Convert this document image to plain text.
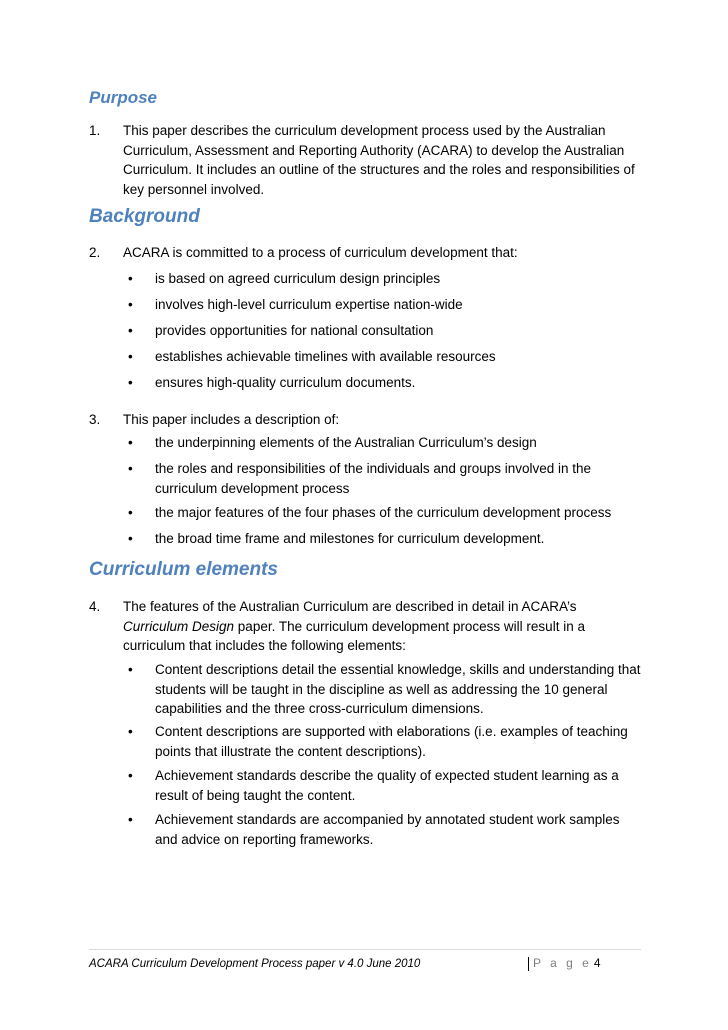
Purpose
1.	This paper describes the curriculum development process used by the Australian Curriculum, Assessment and Reporting Authority (ACARA) to develop the Australian Curriculum. It includes an outline of the structures and the roles and responsibilities of key personnel involved.
Background
2.	ACARA is committed to a process of curriculum development that:
• is based on agreed curriculum design principles
• involves high-level curriculum expertise nation-wide
• provides opportunities for national consultation
• establishes achievable timelines with available resources
• ensures high-quality curriculum documents.
3.	This paper includes a description of:
• the underpinning elements of the Australian Curriculum’s design
• the roles and responsibilities of the individuals and groups involved in the curriculum development process
• the major features of the four phases of the curriculum development process
• the broad time frame and milestones for curriculum development.
Curriculum elements
4.	The features of the Australian Curriculum are described in detail in ACARA’s Curriculum Design paper. The curriculum development process will result in a curriculum that includes the following elements:
• Content descriptions detail the essential knowledge, skills and understanding that students will be taught in the discipline as well as addressing the 10 general capabilities and the three cross-curriculum dimensions.
• Content descriptions are supported with elaborations (i.e. examples of teaching points that illustrate the content descriptions).
• Achievement standards describe the quality of expected student learning as a result of being taught the content.
• Achievement standards are accompanied by annotated student work samples and advice on reporting frameworks.
ACARA Curriculum Development Process paper v 4.0 June 2010	P a g e 4
